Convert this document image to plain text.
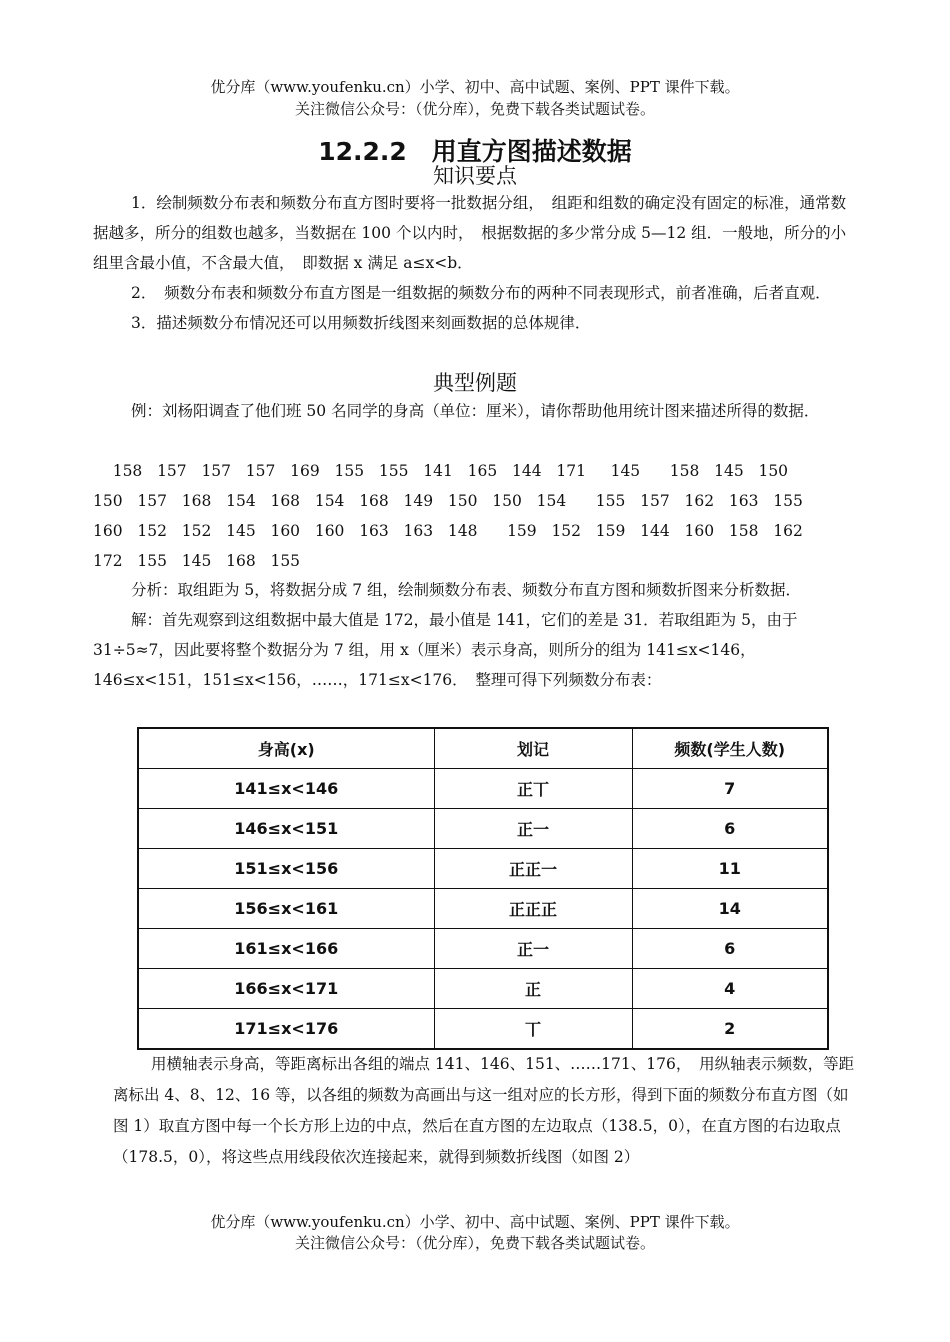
优分库（www.youfenku.cn）小学、初中、高中试题、案例、PPT 课件下载。
关注微信公众号：（优分库），免费下载各类试题试卷。
12.2.2　用直方图描述数据
知识要点

1．绘制频数分布表和频数分布直方图时要将一批数据分组，　组距和组数的确定没有固定的标准，通常数据越多，所分的组数也越多，当数据在 100 个以内时，　根据数据的多少常分成 5—12 组．一般地，所分的小组里含最小值，不含最大值，　即数据 x 满足 a≤x<b．

2．　频数分布表和频数分布直方图是一组数据的频数分布的两种不同表现形式，前者准确，后者直观．

3．描述频数分布情况还可以用频数折线图来刻画数据的总体规律．

典型例题

例：刘杨阳调查了他们班 50 名同学的身高（单位：厘米），请你帮助他用统计图来描述所得的数据．

158   157   157   157   169   155   155   141   165   144   171     145      158   145   150
150   157   168   154   168   154   168   149   150   150   154      155   157   162   163   155
160   152   152   145   160   160   163   163   148      159   152   159   144   160   158   162
172   155   145   168   155

分析：取组距为 5，将数据分成 7 组，绘制频数分布表、频数分布直方图和频数折图来分析数据．

解：首先观察到这组数据中最大值是 172，最小值是 141，它们的差是 31．若取组距为 5，由于 31÷5≈7，因此要将整个数据分为 7 组，用 x（厘米）表示身高，则所分的组为 141≤x<146，146≤x<151，151≤x<156，……，171≤x<176．　整理可得下列频数分布表：

身高(x)	划记	频数(学生人数)
141≤x<146	正丅	7
146≤x<151	正一	6
151≤x<156	正正一	11
156≤x<161	正正正	14
161≤x<166	正一	6
166≤x<171	正	4
171≤x<176	丅	2

用横轴表示身高，等距离标出各组的端点 141、146、151、……171、176，　用纵轴表示频数，等距离标出 4、8、12、16 等，以各组的频数为高画出与这一组对应的长方形，得到下面的频数分布直方图（如图 1）取直方图中每一个长方形上边的中点，然后在直方图的左边取点（138.5，0），在直方图的右边取点（178.5，0），将这些点用线段依次连接起来，就得到频数折线图（如图 2）

优分库（www.youfenku.cn）小学、初中、高中试题、案例、PPT 课件下载。
关注微信公众号：（优分库），免费下载各类试题试卷。
